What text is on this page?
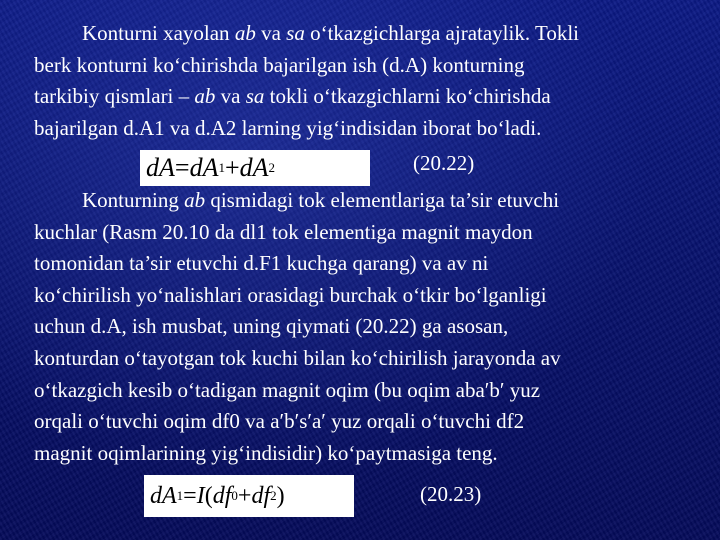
Konturni xayolan ab va sa o‘tkazgichlarga ajrataylik. Tokli
berk konturni ko‘chirishda bajarilgan ish (d.A) konturning
tarkibiy qismlari – ab va sa tokli o‘tkazgichlarni ko‘chirishda
bajarilgan d.A1 va d.A2 larning yig‘indisidan iborat bo‘ladi.

dA = dA 1 + dA 2	(20.22)

Konturning ab qismidagi tok elementlariga ta’sir etuvchi
kuchlar (Rasm 20.10 da dl1 tok elementiga magnit maydon
tomonidan ta’sir etuvchi d.F1 kuchga qarang) va av ni
ko‘chirilish yo‘nalishlari orasidagi burchak o‘tkir bo‘lganligi
uchun d.A, ish musbat, uning qiymati (20.22) ga asosan,
konturdan o‘tayotgan tok kuchi bilan ko‘chirilish jarayonda av
o‘tkazgich kesib o‘tadigan magnit oqim (bu oqim aba′b′ yuz
orqali o‘tuvchi oqim df0 va a′b′s′a′ yuz orqali o‘tuvchi df2
magnit oqimlarining yig‘indisidir) ko‘paytmasiga teng.

dA 1 = I ( df 0 + df 2 )	(20.23)
